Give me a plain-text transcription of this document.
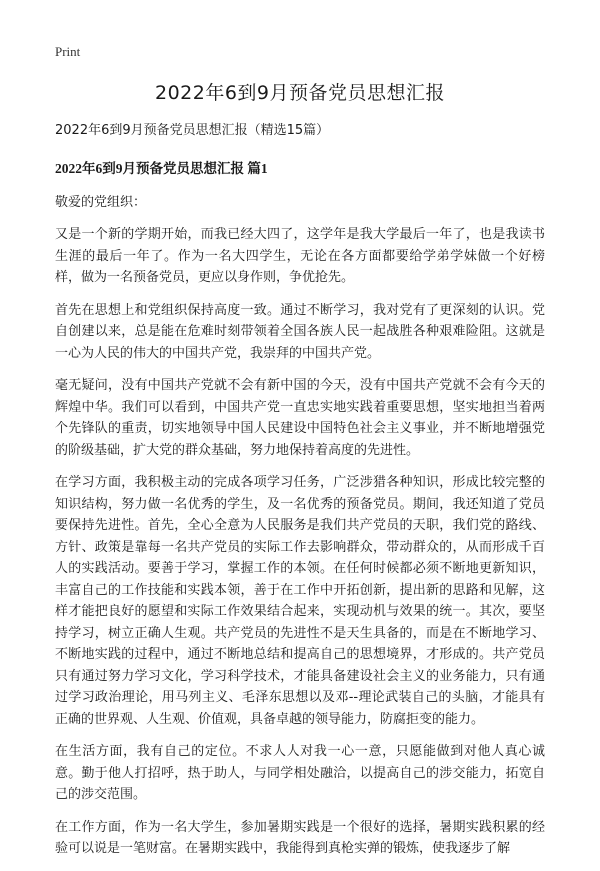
Print
2022年6到9月预备党员思想汇报

2022年6到9月预备党员思想汇报（精选15篇）

2022年6到9月预备党员思想汇报 篇1

敬爱的党组织：

又是一个新的学期开始，而我已经大四了，这学年是我大学最后一年了，也是我读书生涯的最后一年了。作为一名大四学生，无论在各方面都要给学弟学妹做一个好榜样，做为一名预备党员，更应以身作则，争优抢先。

首先在思想上和党组织保持高度一致。通过不断学习，我对党有了更深刻的认识。党自创建以来，总是能在危难时刻带领着全国各族人民一起战胜各种艰难险阻。这就是一心为人民的伟大的中国共产党，我崇拜的中国共产党。

毫无疑问，没有中国共产党就不会有新中国的今天，没有中国共产党就不会有今天的辉煌中华。我们可以看到，中国共产党一直忠实地实践着重要思想，坚实地担当着两个先锋队的重责，切实地领导中国人民建设中国特色社会主义事业，并不断地增强党的阶级基础，扩大党的群众基础，努力地保持着高度的先进性。

在学习方面，我积极主动的完成各项学习任务，广泛涉猎各种知识，形成比较完整的知识结构，努力做一名优秀的学生，及一名优秀的预备党员。期间，我还知道了党员要保持先进性。首先，全心全意为人民服务是我们共产党员的天职，我们党的路线、方针、政策是靠每一名共产党员的实际工作去影响群众，带动群众的，从而形成千百人的实践活动。要善于学习，掌握工作的本领。在任何时候都必须不断地更新知识，丰富自己的工作技能和实践本领，善于在工作中开拓创新，提出新的思路和见解，这样才能把良好的愿望和实际工作效果结合起来，实现动机与效果的统一。其次，要坚持学习，树立正确人生观。共产党员的先进性不是天生具备的，而是在不断地学习、不断地实践的过程中，通过不断地总结和提高自己的思想境界，才形成的。共产党员只有通过努力学习文化，学习科学技术，才能具备建设社会主义的业务能力，只有通过学习政治理论，用马列主义、毛泽东思想以及邓--理论武装自己的头脑，才能具有正确的世界观、人生观、价值观，具备卓越的领导能力，防腐拒变的能力。

在生活方面，我有自己的定位。不求人人对我一心一意，只愿能做到对他人真心诚意。勤于他人打招呼，热于助人，与同学相处融洽，以提高自己的涉交能力，拓宽自己的涉交范围。

在工作方面，作为一名大学生，参加暑期实践是一个很好的选择，暑期实践积累的经验可以说是一笔财富。在暑期实践中，我能得到真枪实弹的锻炼，使我逐步了解
